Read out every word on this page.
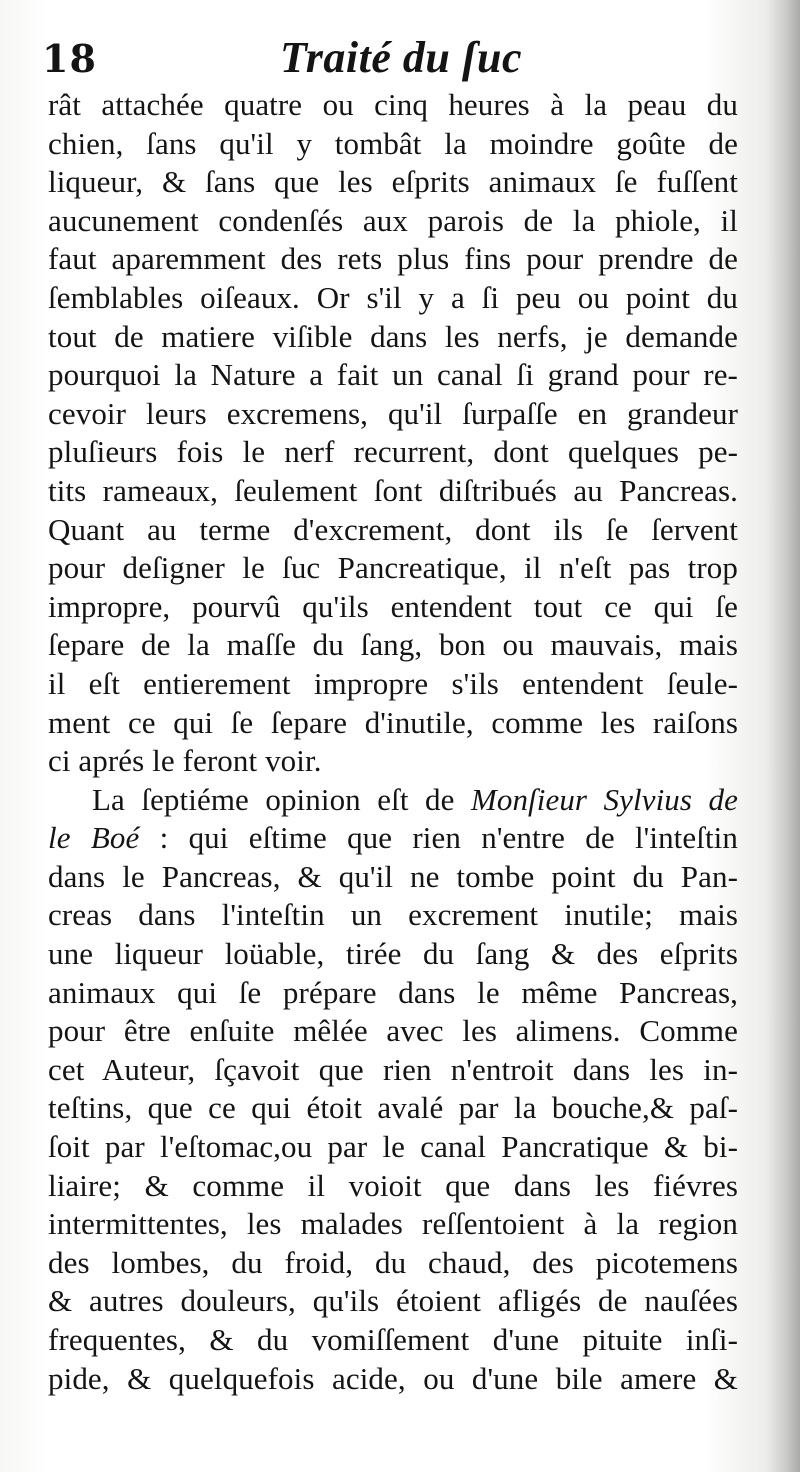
18	Traité du ſuc
rât attachée quatre ou cinq heures à la peau du
chien, ſans qu'il y tombât la moindre goûte de
liqueur, & ſans que les eſprits animaux ſe fuſſent
aucunement condenſés aux parois de la phiole, il
faut aparemment des rets plus fins pour prendre de
ſemblables oiſeaux. Or s'il y a ſi peu ou point du
tout de matiere viſible dans les nerfs, je demande
pourquoi la Nature a fait un canal ſi grand pour re-
cevoir leurs excremens, qu'il ſurpaſſe en grandeur
pluſieurs fois le nerf recurrent, dont quelques pe-
tits rameaux, ſeulement ſont diſtribués au Pancreas.
Quant au terme d'excrement, dont ils ſe ſervent
pour deſigner le ſuc Pancreatique, il n'eſt pas trop
impropre, pourvû qu'ils entendent tout ce qui ſe
ſepare de la maſſe du ſang, bon ou mauvais, mais
il eſt entierement impropre s'ils entendent ſeule-
ment ce qui ſe ſepare d'inutile, comme les raiſons
ci aprés le feront voir.
La ſeptiéme opinion eſt de Monſieur Sylvius de
le Boé : qui eſtime que rien n'entre de l'inteſtin
dans le Pancreas, & qu'il ne tombe point du Pan-
creas dans l'inteſtin un excrement inutile; mais
une liqueur loüable, tirée du ſang & des eſprits
animaux qui ſe prépare dans le même Pancreas,
pour être enſuite mêlée avec les alimens. Comme
cet Auteur, ſçavoit que rien n'entroit dans les in-
teſtins, que ce qui étoit avalé par la bouche,& paſ-
ſoit par l'eſtomac,ou par le canal Pancratique & bi-
liaire; & comme il voioit que dans les fiévres
intermittentes, les malades reſſentoient à la region
des lombes, du froid, du chaud, des picotemens
& autres douleurs, qu'ils étoient afligés de nauſées
frequentes, & du vomiſſement d'une pituite inſi-
pide, & quelquefois acide, ou d'une bile amere &
